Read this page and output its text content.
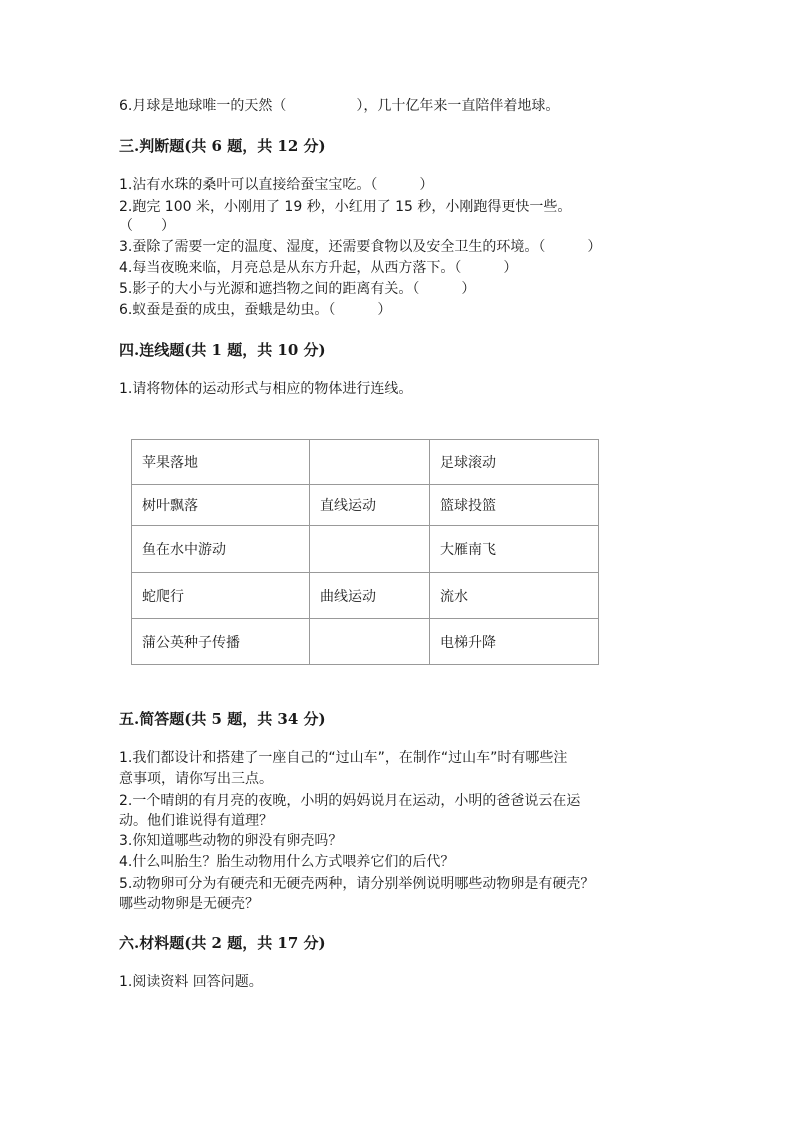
6.月球是地球唯一的天然（　　　　　），几十亿年来一直陪伴着地球。
三.判断题(共 6 题，共 12 分)
1.沾有水珠的桑叶可以直接给蚕宝宝吃。（　　　）
2.跑完 100 米，小刚用了 19 秒，小红用了 15 秒，小刚跑得更快一些。
（　　）
3.蚕除了需要一定的温度、湿度，还需要食物以及安全卫生的环境。（　　　）
4.每当夜晚来临，月亮总是从东方升起，从西方落下。（　　　）
5.影子的大小与光源和遮挡物之间的距离有关。（　　　）
6.蚁蚕是蚕的成虫，蚕蛾是幼虫。（　　　）
四.连线题(共 1 题，共 10 分)
1.请将物体的运动形式与相应的物体进行连线。
苹果落地		足球滚动
树叶飘落	直线运动	篮球投篮
鱼在水中游动		大雁南飞
蛇爬行	曲线运动	流水
蒲公英种子传播		电梯升降
五.简答题(共 5 题，共 34 分)
1.我们都设计和搭建了一座自己的“过山车”，在制作“过山车”时有哪些注
意事项，请你写出三点。
2.一个晴朗的有月亮的夜晚，小明的妈妈说月在运动，小明的爸爸说云在运
动。他们谁说得有道理？
3.你知道哪些动物的卵没有卵壳吗？
4.什么叫胎生？胎生动物用什么方式喂养它们的后代？
5.动物卵可分为有硬壳和无硬壳两种，请分别举例说明哪些动物卵是有硬壳？
哪些动物卵是无硬壳？
六.材料题(共 2 题，共 17 分)
1.阅读资料 回答问题。
